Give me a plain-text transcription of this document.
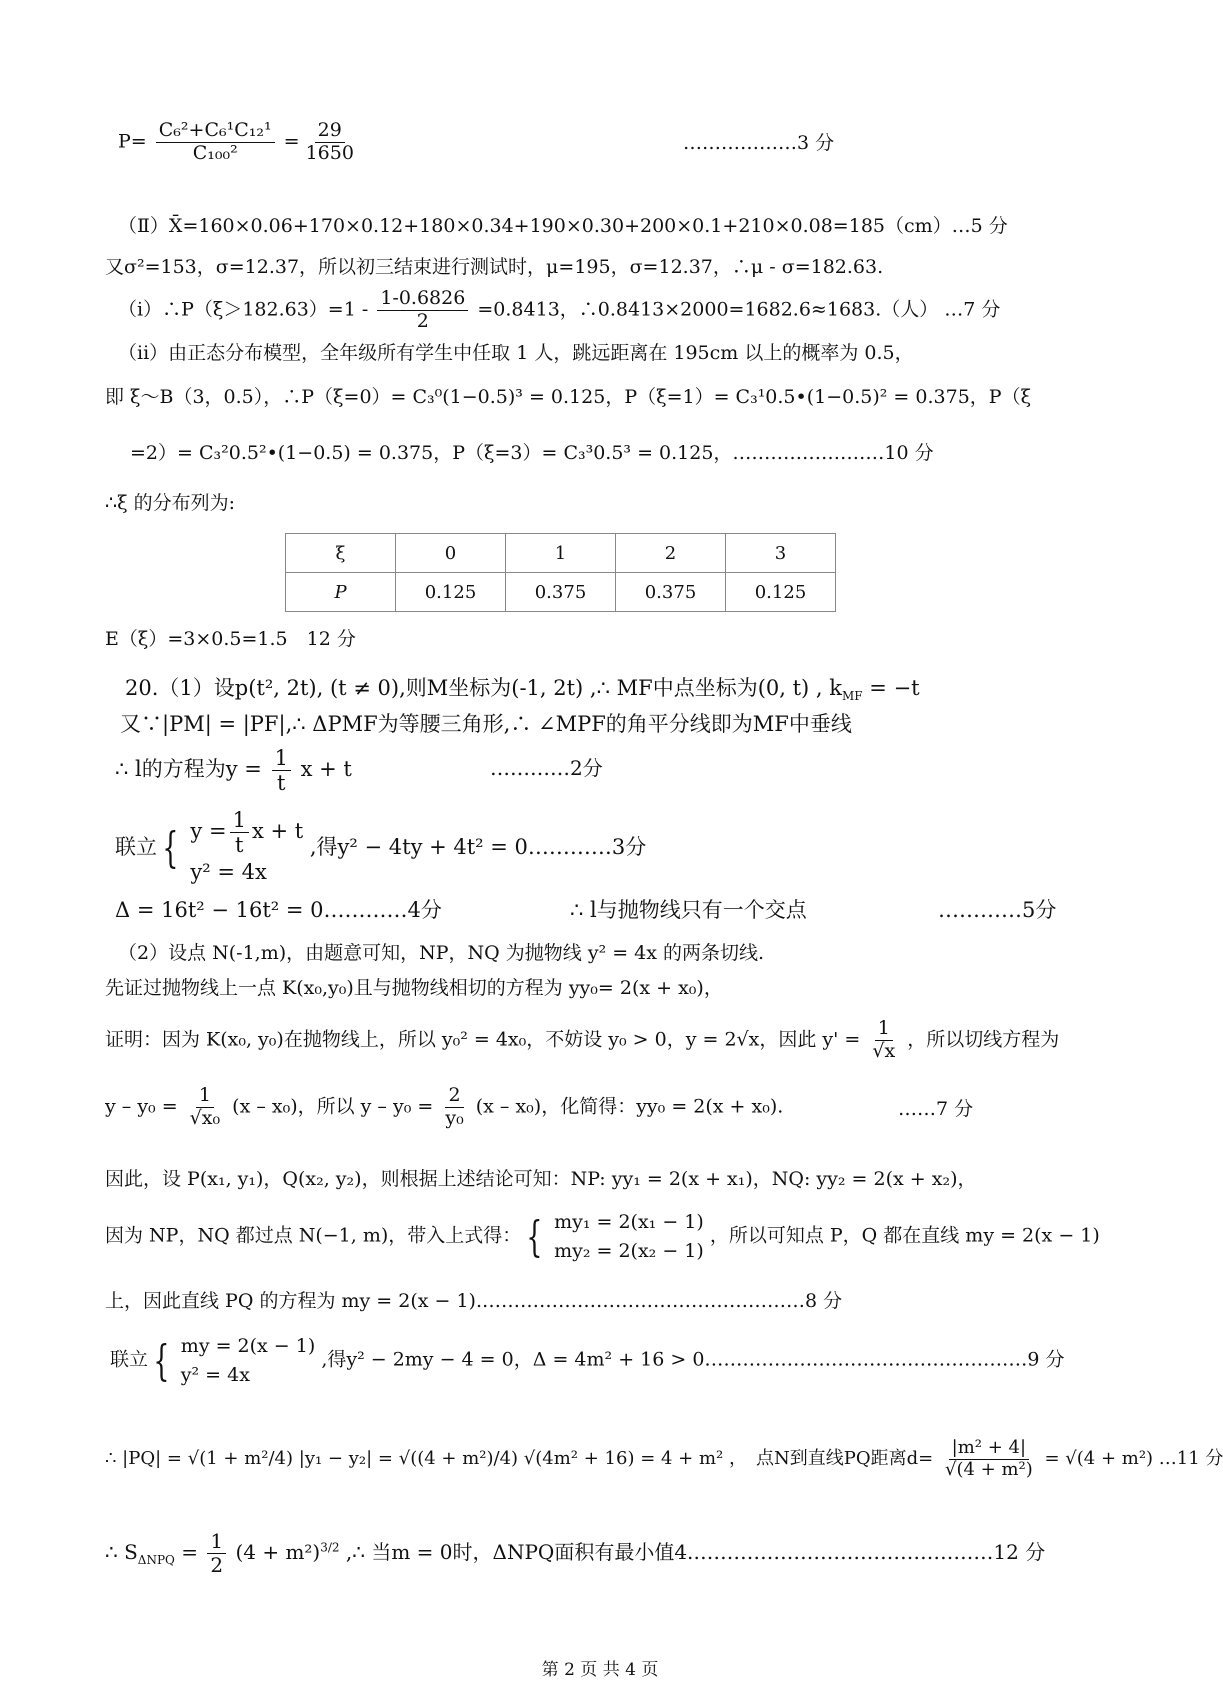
$P= \frac{\text{C₆²+C₆¹C₁₂¹}}{\text{C₁₀₀²}} = \frac{29}{1650}$	………………3 分
（Ⅱ）X̄=160×0.06+170×0.12+180×0.34+190×0.30+200×0.1+210×0.08=185（cm）…5 分
又σ²=153，σ=12.37，所以初三结束进行测试时，μ=195，σ=12.37，∴μ - σ=182.63.
（i）∴P（ξ＞182.63）=1 - $\frac{1-0.6826}{2} =0.8413$，∴0.8413×2000=1682.6≈1683.（人） …7 分
（ii）由正态分布模型，全年级所有学生中任取 1 人，跳远距离在 195cm 以上的概率为 0.5，
即 ξ～B（3，0.5），∴P（ξ=0）= C₃⁰(1−0.5)³ = 0.125，P（ξ=1）= C₃¹0.5•(1−0.5)² = 0.375，P（ξ
=2）= C₃²0.5²•(1−0.5) = 0.375，P（ξ=3）= C₃³0.5³ = 0.125，……………………10 分
∴ξ 的分布列为:
ξ	0	1	2	3
P	0.125	0.375	0.375	0.125
E（ξ）=3×0.5=1.5　12 分
20.（1）设p(t², 2t), (t ≠ 0),则M坐标为(-1, 2t) ,∴ MF中点坐标为(0, t) , $k_{MF} = -t$
又∵|PM| = |PF|,∴ ΔPMF为等腰三角形,∴ ∠MPF的角平分线即为MF中垂线
∴ l的方程为$y = \frac{1}{t}$ x + t	…………2分
联立 { $y = \frac{1}{t}$ x + t
y² = 4x
,得y² − 4ty + 4t² = 0…………3分
Δ = 16t² − 16t² = 0…………4分	∴ l与抛物线只有一个交点	…………5分
（2）设点 N(-1,m)，由题意可知，NP，NQ 为抛物线 y² = 4x 的两条切线.
先证过抛物线上一点 K(x₀,y₀)且与抛物线相切的方程为 yy₀= 2(x + x₀)，
证明：因为 K(x₀, y₀)在抛物线上，所以 y₀² = 4x₀，不妨设 y₀ > 0，y = 2√x，因此 $y' = \frac{1}{√x}$ ，所以切线方程为
$y - y_0 = \frac{1}{\text{√x₀}} (x - x_0)$，所以 $y - y_0 = \frac{2}{\text{y₀}} (x - x_0)$，化简得：yy₀ = 2(x + x₀).	……7 分
因此，设 P(x₁, y₁)，Q(x₂, y₂)，则根据上述结论可知：NP: yy₁ = 2(x + x₁)，NQ: yy₂ = 2(x + x₂)，
因为 NP，NQ 都过点 N(−1, m)，带入上式得： { my₁ = 2(x₁ − 1)
my₂ = 2(x₂ − 1)
，所以可知点 P，Q 都在直线 my = 2(x − 1)
上，因此直线 PQ 的方程为 my = 2(x − 1).……………………………………………8 分
联立 { my = 2(x − 1)
y² = 4x
,得y² − 2my − 4 = 0，Δ = 4m² + 16 > 0……………………………………………9 分
∴ |PQ| = √(1 + m²/4) |y₁ − y₂| = √((4 + m²)/4) √(4m² + 16) = 4 + m² ，　点N到直线PQ距离$d= \frac{\text{|m² + 4|}}{\text{√(4 + m²)}} = √(4 + m^2)$ …11 分
∴ $S_{\Delta NPQ} = \frac{1}{2} (4 + m^2)^{3/2}$ ,∴ 当m = 0时，ΔNPQ面积有最小值4.………………………………………12 分
第 2 页 共 4 页
